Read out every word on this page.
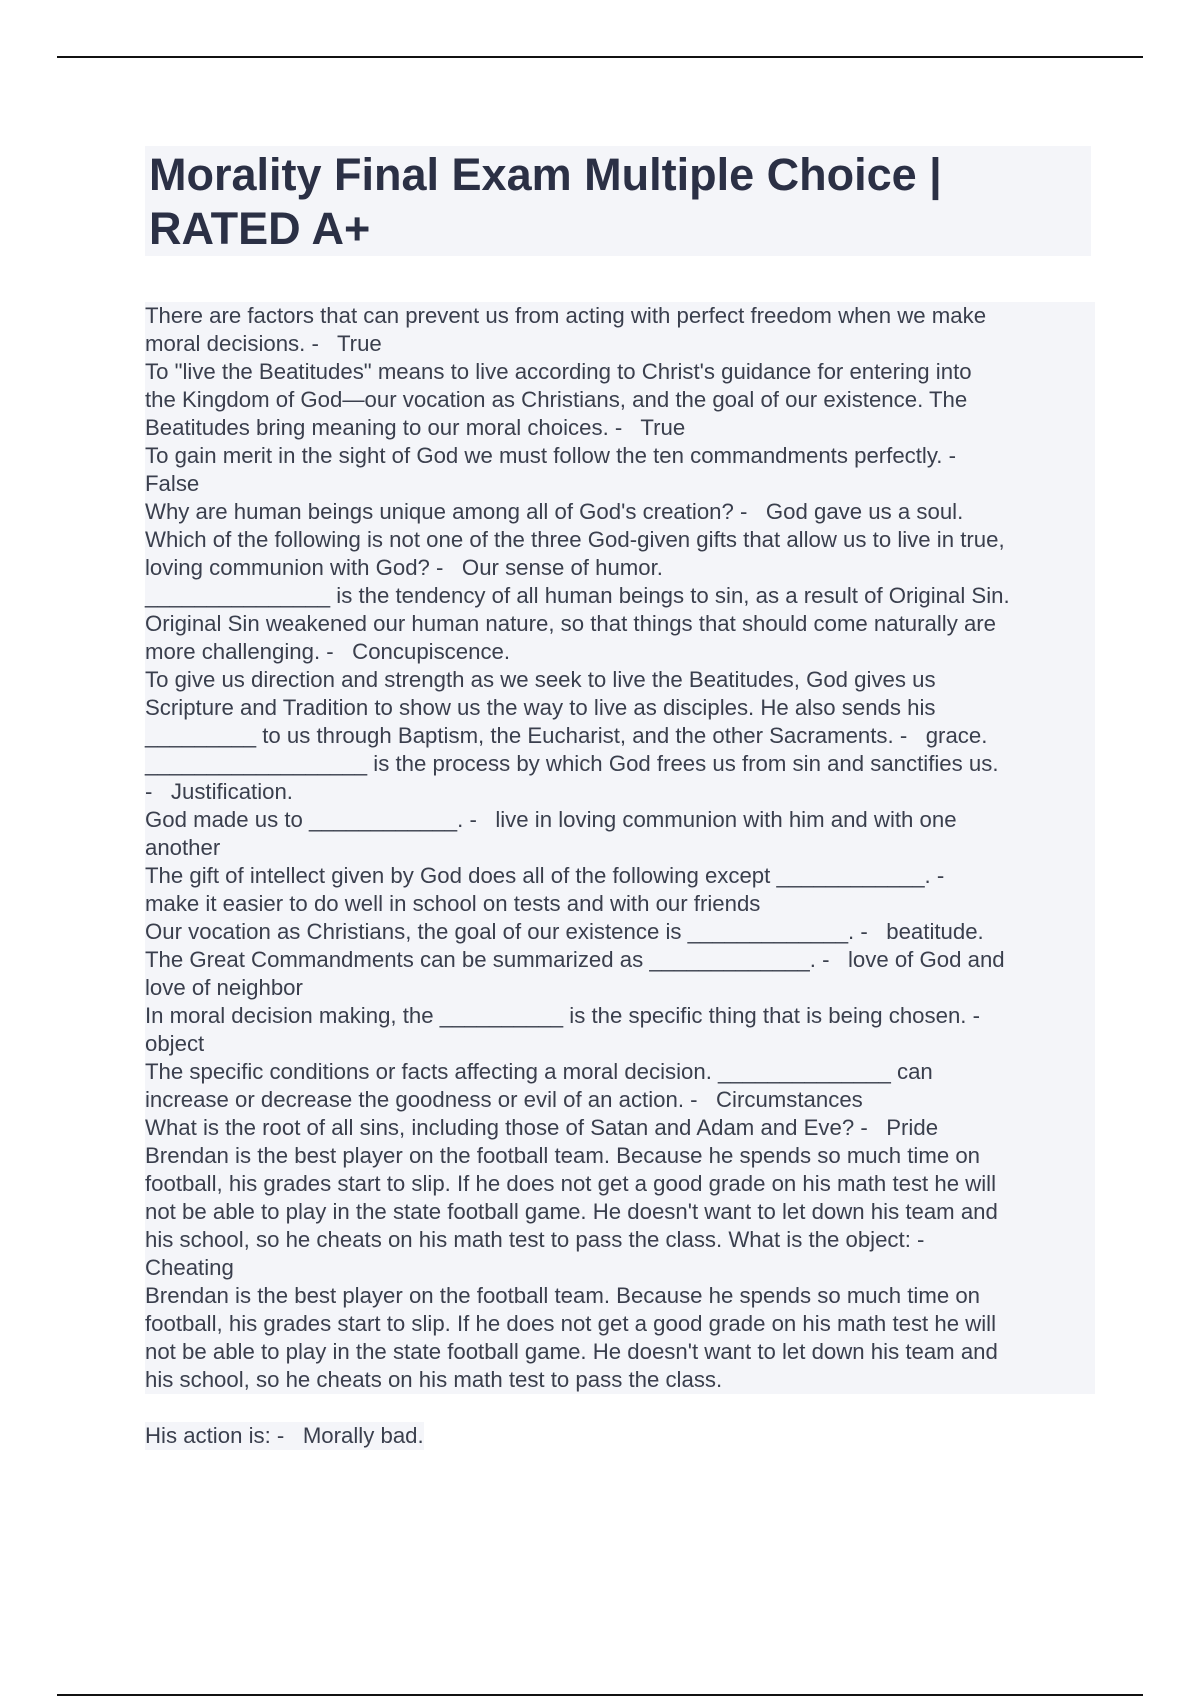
Morality Final Exam Multiple Choice |
RATED A+

There are factors that can prevent us from acting with perfect freedom when we make
moral decisions. -   True

To "live the Beatitudes" means to live according to Christ's guidance for entering into
the Kingdom of God—our vocation as Christians, and the goal of our existence. The
Beatitudes bring meaning to our moral choices. -   True

To gain merit in the sight of God we must follow the ten commandments perfectly. -
False

Why are human beings unique among all of God's creation? -   God gave us a soul.

Which of the following is not one of the three God-given gifts that allow us to live in true,
loving communion with God? -   Our sense of humor.

_______________ is the tendency of all human beings to sin, as a result of Original Sin.
Original Sin weakened our human nature, so that things that should come naturally are
more challenging. -   Concupiscence.

To give us direction and strength as we seek to live the Beatitudes, God gives us
Scripture and Tradition to show us the way to live as disciples. He also sends his
_________ to us through Baptism, the Eucharist, and the other Sacraments. -   grace.

__________________ is the process by which God frees us from sin and sanctifies us.
-   Justification.

God made us to ____________. -   live in loving communion with him and with one
another

The gift of intellect given by God does all of the following except ____________. -
make it easier to do well in school on tests and with our friends

Our vocation as Christians, the goal of our existence is _____________. -   beatitude.

The Great Commandments can be summarized as _____________. -   love of God and
love of neighbor

In moral decision making, the __________ is the specific thing that is being chosen. -
object

The specific conditions or facts affecting a moral decision. ______________ can
increase or decrease the goodness or evil of an action. -   Circumstances

What is the root of all sins, including those of Satan and Adam and Eve? -   Pride

Brendan is the best player on the football team. Because he spends so much time on
football, his grades start to slip. If he does not get a good grade on his math test he will
not be able to play in the state football game. He doesn't want to let down his team and
his school, so he cheats on his math test to pass the class. What is the object: -
Cheating

Brendan is the best player on the football team. Because he spends so much time on
football, his grades start to slip. If he does not get a good grade on his math test he will
not be able to play in the state football game. He doesn't want to let down his team and
his school, so he cheats on his math test to pass the class.

His action is: -   Morally bad.
